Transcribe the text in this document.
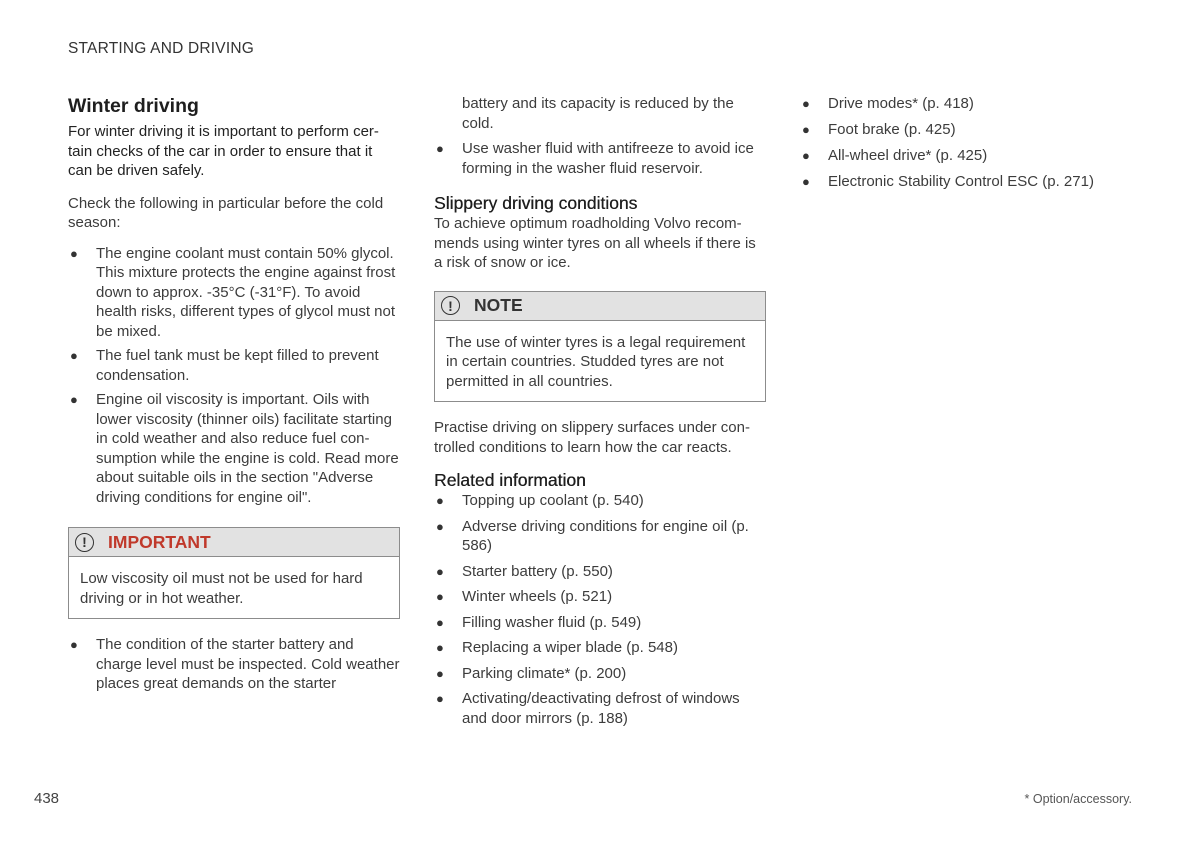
STARTING AND DRIVING
Winter driving

For winter driving it is important to perform cer-tain checks of the car in order to ensure that it can be driven safely.

Check the following in particular before the cold season:

● The engine coolant must contain 50% glycol. This mixture protects the engine against frost down to approx. -35°C (-31°F). To avoid health risks, different types of glycol must not be mixed.
● The fuel tank must be kept filled to prevent condensation.
● Engine oil viscosity is important. Oils with lower viscosity (thinner oils) facilitate starting in cold weather and also reduce fuel con-sumption while the engine is cold. Read more about suitable oils in the section "Adverse driving conditions for engine oil".
!	IMPORTANT

Low viscosity oil must not be used for hard driving or in hot weather.

● The condition of the starter battery and charge level must be inspected. Cold weather places great demands on the starter

battery and its capacity is reduced by the cold.

● Use washer fluid with antifreeze to avoid ice forming in the washer fluid reservoir.
Slippery driving conditions

To achieve optimum roadholding Volvo recom-mends using winter tyres on all wheels if there is a risk of snow or ice.

!	NOTE

The use of winter tyres is a legal requirement in certain countries. Studded tyres are not permitted in all countries.

Practise driving on slippery surfaces under con-trolled conditions to learn how the car reacts.

Related information
● Topping up coolant (p. 540)
● Adverse driving conditions for engine oil (p. 586)
● Starter battery (p. 550)
● Winter wheels (p. 521)
● Filling washer fluid (p. 549)
● Replacing a wiper blade (p. 548)
● Parking climate* (p. 200)
● Activating/deactivating defrost of windows and door mirrors (p. 188)
● Drive modes* (p. 418)
● Foot brake (p. 425)
● All-wheel drive* (p. 425)
● Electronic Stability Control ESC (p. 271)
438	* Option/accessory.
